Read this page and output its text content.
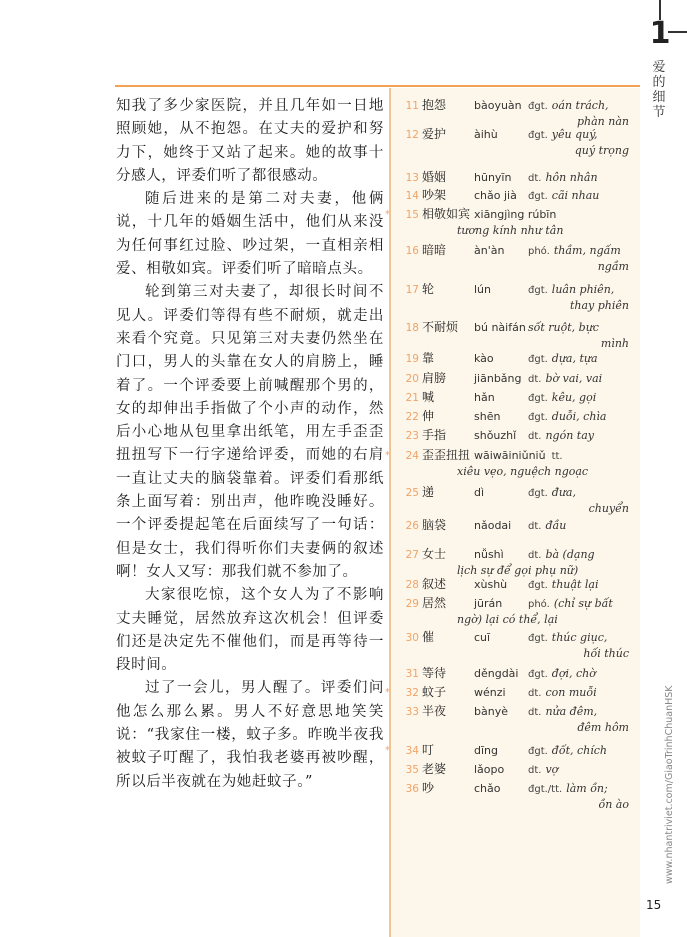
1
爱的细节

知我了多少家医院，并且几年如一日地照顾她，从不抱怨。在丈夫的爱护和努力下，她终于又站了起来。她的故事十分感人，评委们听了都很感动。

随后进来的是第二对夫妻，他俩说，十几年的婚姻生活中，他们从来没为任何事红过脸、吵过架，一直相亲相爱、相敬如宾。评委们听了暗暗点头。

轮到第三对夫妻了，却很长时间不见人。评委们等得有些不耐烦，就走出来看个究竟。只见第三对夫妻仍然坐在门口，男人的头靠在女人的肩膀上，睡着了。一个评委要上前喊醒那个男的，女的却伸出手指做了个小声的动作，然后小心地从包里拿出纸笔，用左手歪歪扭扭写下一行字递给评委，而她的右肩一直让丈夫的脑袋靠着。评委们看那纸条上面写着：别出声，他昨晚没睡好。一个评委提起笔在后面续写了一句话：但是女士，我们得听你们夫妻俩的叙述啊！女人又写：那我们就不参加了。

大家很吃惊，这个女人为了不影响丈夫睡觉，居然放弃这次机会！但评委们还是决定先不催他们，而是再等待一段时间。

过了一会儿，男人醒了。评委们问他怎么那么累。男人不好意思地笑笑说：“我家住一楼，蚊子多。昨晚半夜我被蚊子叮醒了，我怕我老婆再被吵醒，所以后半夜就在为她赶蚊子。”

11 抱怨	bàoyuàn đgt. oán trách,
phàn nàn
12 爱护	àihù	đgt. yêu quý,
quý trọng
13 婚姻	hūnyīn dt. hôn nhân
14 吵架	chǎo jià đgt. cãi nhau
* 15 相敬如宾 xiāngjìng rúbīn
tương kính như tân
16 暗暗	àn'àn phó. thầm, ngấm
ngầm
17 轮	lún	đgt. luân phiên,
thay phiên
18 不耐烦 bú nàifán sốt ruột, bực
mình
19 靠	kào	đgt. dựa, tựa
20 肩膀	jiānbǎng dt. bờ vai, vai
21 喊	hǎn	đgt. kêu, gọi
22 伸	shēn	đgt. duỗi, chìa
23 手指	shǒuzhǐ dt. ngón tay
* 24 歪歪扭扭 wāiwāiniǔniǔ tt.
xiêu vẹo, nguệch ngoạc
25 递	dì	đgt. đưa,
chuyển
26 脑袋	nǎodai dt. đầu
27 女士	nǚshì dt. bà (dạng
lịch sự để gọi phụ nữ)
28 叙述	xùshù đgt. thuật lại
29 居然	jūrán	phó. (chỉ sự bất
ngờ) lại có thể, lại
30 催	cuī	đgt. thúc giục,
hối thúc
31 等待	děngdài đgt. đợi, chờ
* 32 蚊子	wénzi dt. con muỗi
33 半夜	bànyè dt. nửa đêm,
đêm hôm
* 34 叮	dīng	đgt. đốt, chích
35 老婆	lǎopo dt. vợ
36 吵	chǎo	đgt./tt. làm ồn;
ồn ào	www.nhantriviet.com/GiaoTrinhChuanHSK
15
